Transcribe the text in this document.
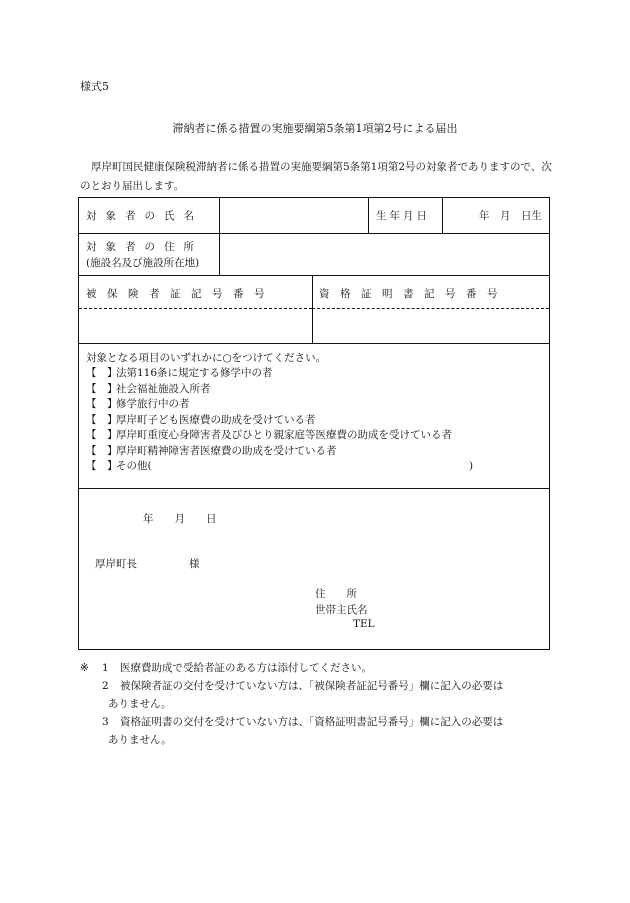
様式5
滞納者に係る措置の実施要綱第5条第1項第2号による届出
厚岸町国民健康保険税滞納者に係る措置の実施要綱第5条第1項第2号の対象者でありますので、次のとおり届出します。
対象者の氏名	生年月日	年　月　日生
対象者の住所
(施設名及び施設所在地)
被保険者証記号番号	資格証明書記号番号
対象となる項目のいずれかに○をつけてください。
【　】法第116条に規定する修学中の者
【　】社会福祉施設入所者
【　】修学旅行中の者
【　】厚岸町子ども医療費の助成を受けている者
【　】厚岸町重度心身障害者及びひとり親家庭等医療費の助成を受けている者
【　】厚岸町精神障害者医療費の助成を受けている者
【　】その他(	)
年　　月　　日
厚岸町長	様
住　　所
世帯主氏名
TEL
※ 1 医療費助成で受給者証のある方は添付してください。
2 被保険者証の交付を受けていない方は、「被保険者証記号番号」欄に記入の必要は
ありません。
3 資格証明書の交付を受けていない方は、「資格証明書記号番号」欄に記入の必要は
ありません。
